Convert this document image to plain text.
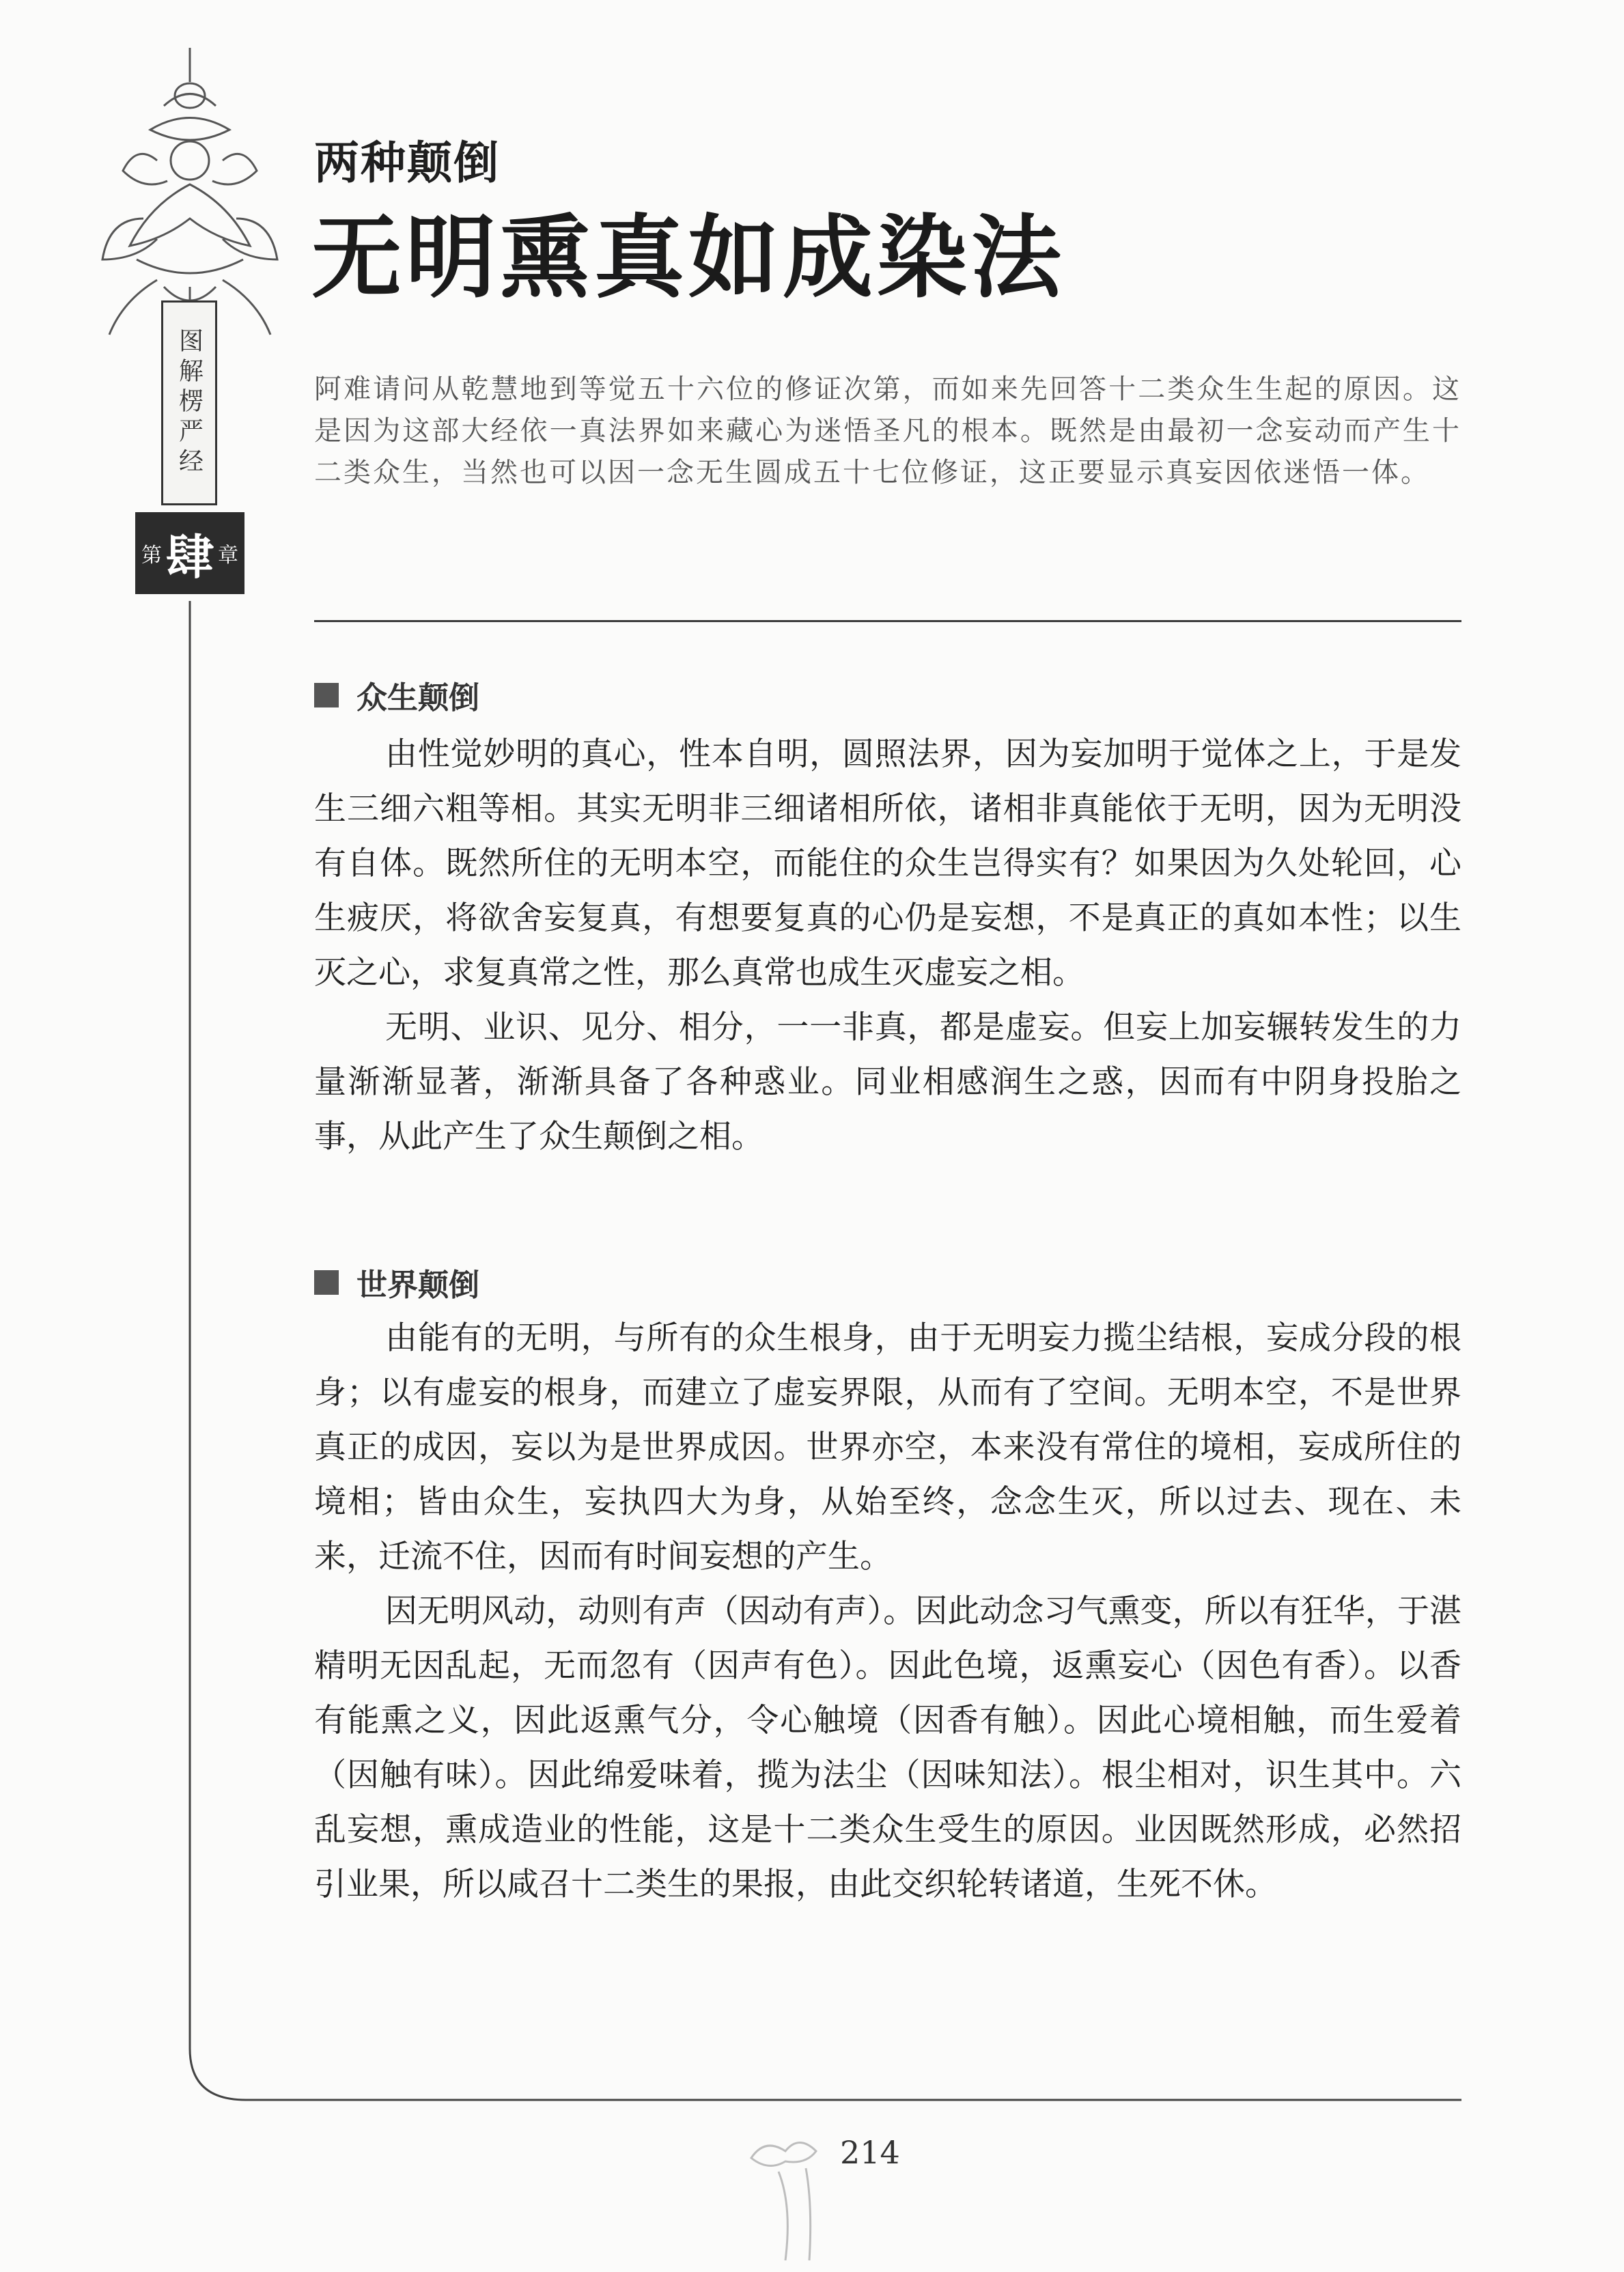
图解楞严经
第 肆 章
两种颠倒
无明熏真如成染法
阿难请问从乾慧地到等觉五十六位的修证次第，而如来先回答十二类众生生起的原因。这是因为这部大经依一真法界如来藏心为迷悟圣凡的根本。既然是由最初一念妄动而产生十二类众生，当然也可以因一念无生圆成五十七位修证，这正要显示真妄因依迷悟一体。
众生颠倒

由性觉妙明的真心，性本自明，圆照法界，因为妄加明于觉体之上，于是发生三细六粗等相。其实无明非三细诸相所依，诸相非真能依于无明，因为无明没有自体。既然所住的无明本空，而能住的众生岂得实有？如果因为久处轮回，心生疲厌，将欲舍妄复真，有想要复真的心仍是妄想，不是真正的真如本性；以生灭之心，求复真常之性，那么真常也成生灭虚妄之相。

无明、业识、见分、相分，一一非真，都是虚妄。但妄上加妄辗转发生的力量渐渐显著，渐渐具备了各种惑业。同业相感润生之惑，因而有中阴身投胎之事，从此产生了众生颠倒之相。

世界颠倒

由能有的无明，与所有的众生根身，由于无明妄力揽尘结根，妄成分段的根身；以有虚妄的根身，而建立了虚妄界限，从而有了空间。无明本空，不是世界真正的成因，妄以为是世界成因。世界亦空，本来没有常住的境相，妄成所住的境相；皆由众生，妄执四大为身，从始至终，念念生灭，所以过去、现在、未来，迁流不住，因而有时间妄想的产生。

因无明风动，动则有声（因动有声）。因此动念习气熏变，所以有狂华，于湛精明无因乱起，无而忽有（因声有色）。因此色境，返熏妄心（因色有香）。以香有能熏之义，因此返熏气分，令心触境（因香有触）。因此心境相触，而生爱着（因触有味）。因此绵爱味着，揽为法尘（因味知法）。根尘相对，识生其中。六乱妄想，熏成造业的性能，这是十二类众生受生的原因。业因既然形成，必然招引业果，所以咸召十二类生的果报，由此交织轮转诸道，生死不休。

214
